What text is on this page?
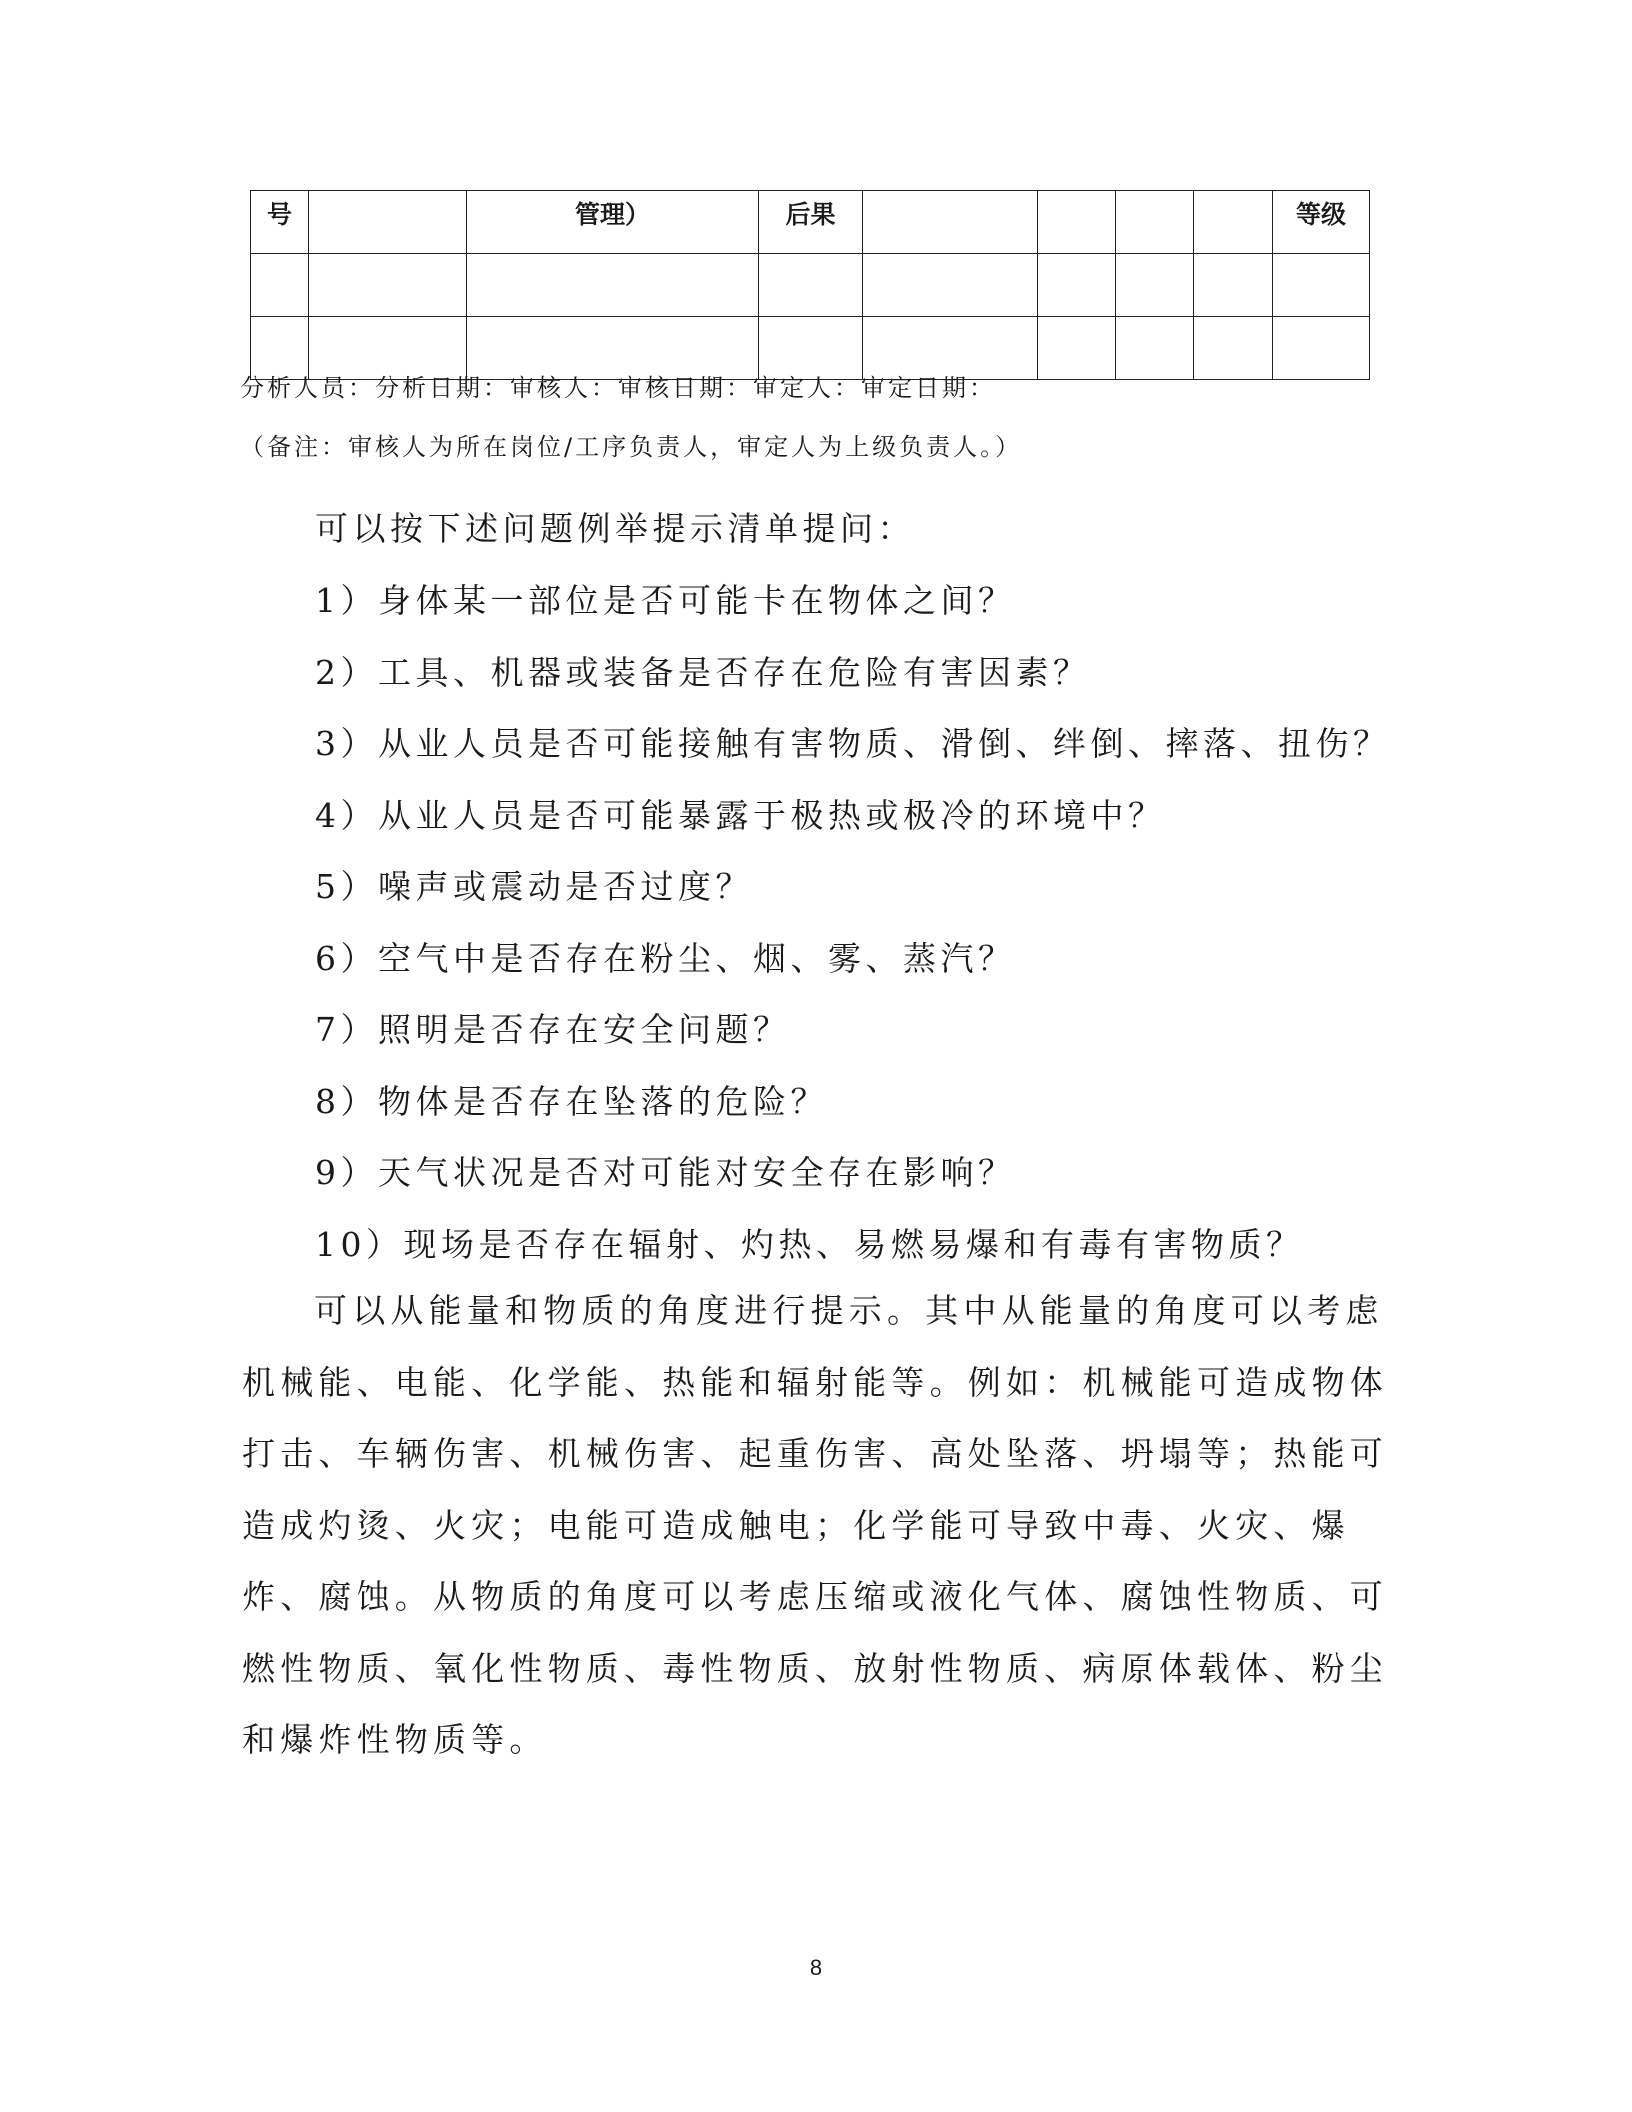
号		管理）	后果					等级

分析人员：分析日期：审核人：审核日期：审定人：审定日期：
（备注：审核人为所在岗位/工序负责人，审定人为上级负责人。）
可以按下述问题例举提示清单提问：
1）身体某一部位是否可能卡在物体之间？
2）工具、机器或装备是否存在危险有害因素？
3）从业人员是否可能接触有害物质、滑倒、绊倒、摔落、扭伤？
4）从业人员是否可能暴露于极热或极冷的环境中？
5）噪声或震动是否过度？
6）空气中是否存在粉尘、烟、雾、蒸汽？
7）照明是否存在安全问题？
8）物体是否存在坠落的危险？
9）天气状况是否对可能对安全存在影响？
10）现场是否存在辐射、灼热、易燃易爆和有毒有害物质？

可以从能量和物质的角度进行提示。其中从能量的角度可以考虑机械能、电能、化学能、热能和辐射能等。例如：机械能可造成物体打击、车辆伤害、机械伤害、起重伤害、高处坠落、坍塌等；热能可造成灼烫、火灾；电能可造成触电；化学能可导致中毒、火灾、爆炸、腐蚀。从物质的角度可以考虑压缩或液化气体、腐蚀性物质、可燃性物质、氧化性物质、毒性物质、放射性物质、病原体载体、粉尘和爆炸性物质等。

8
